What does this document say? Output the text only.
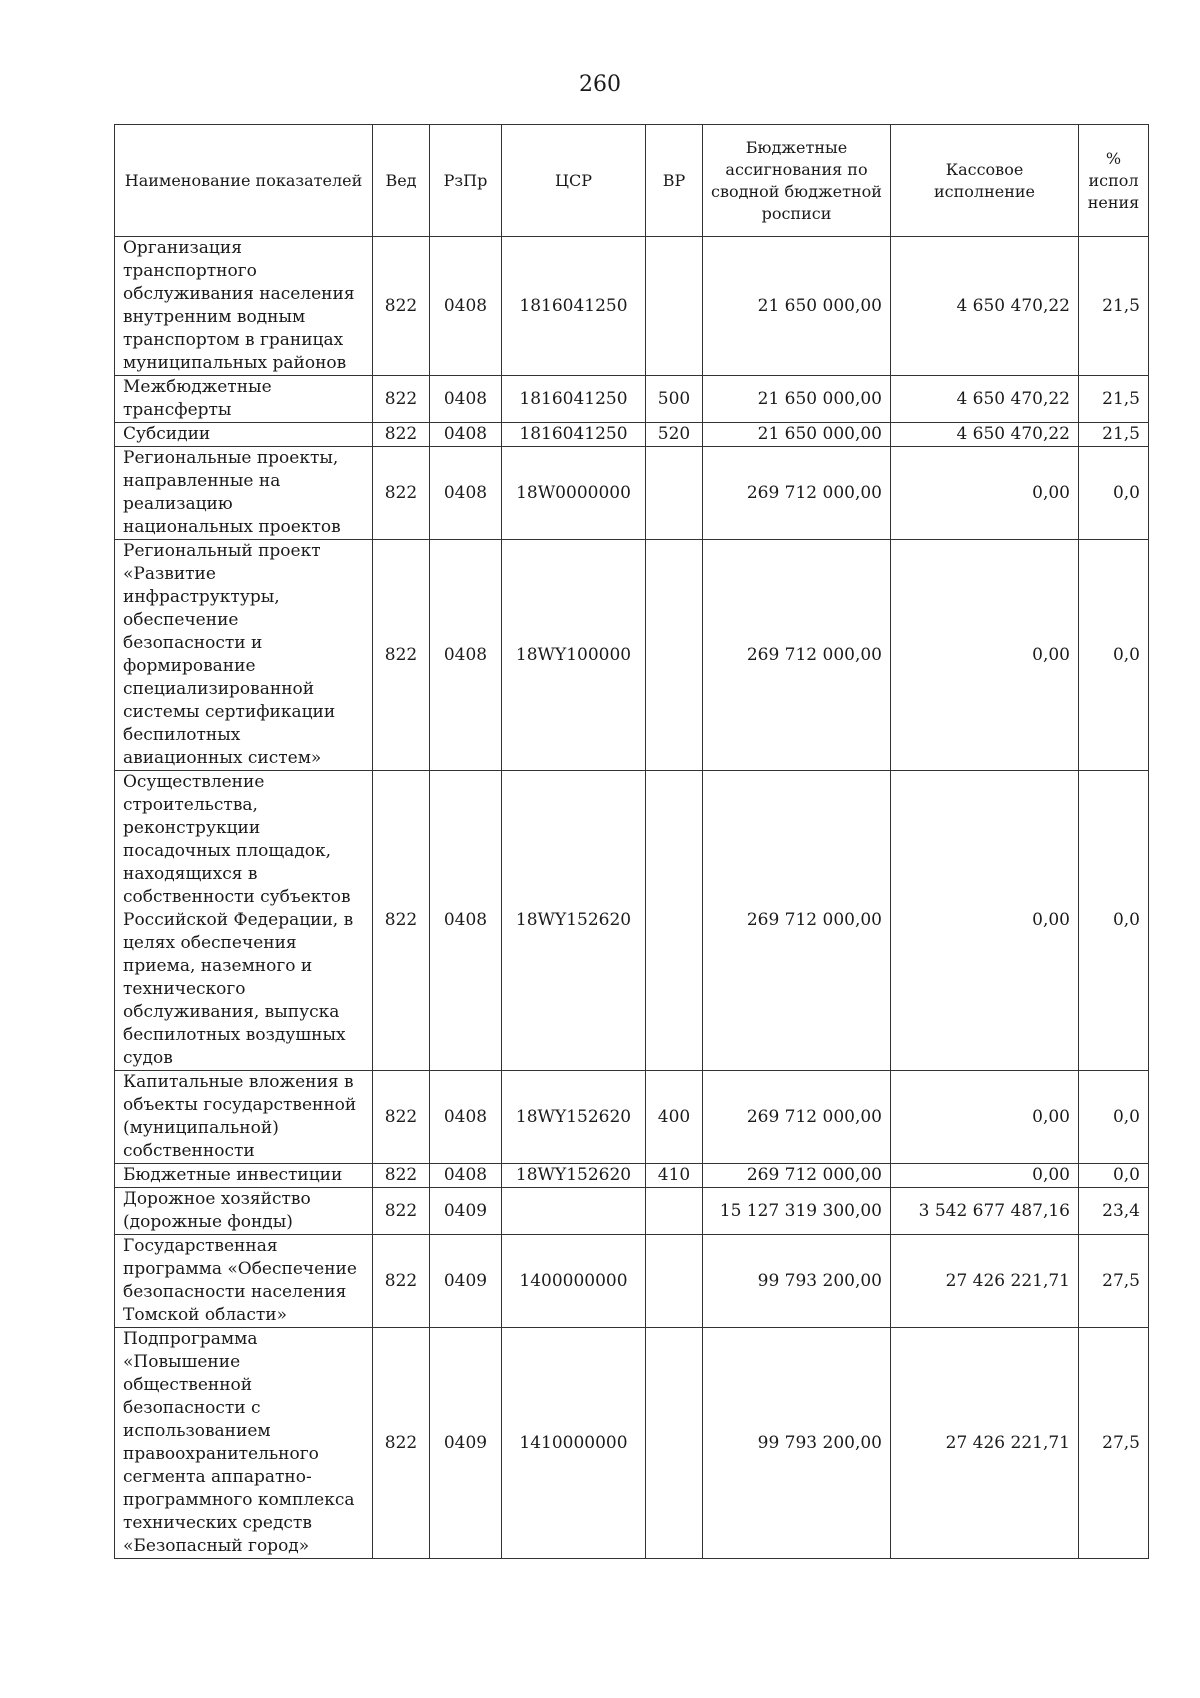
260
Наименование показателей	Вед	РзПр	ЦСР	ВР	Бюджетные ассигнования по сводной бюджетной росписи	Кассовое исполнение	% испол нения
Организация транспортного обслуживания населения внутренним водным транспортом в границах муниципальных районов	822	0408	1816041250		21 650 000,00	4 650 470,22	21,5
Межбюджетные трансферты	822	0408	1816041250	500	21 650 000,00	4 650 470,22	21,5
Субсидии	822	0408	1816041250	520	21 650 000,00	4 650 470,22	21,5
Региональные проекты, направленные на реализацию национальных проектов	822	0408	18W0000000		269 712 000,00	0,00	0,0
Региональный проект «Развитие инфраструктуры, обеспечение безопасности и формирование специализированной системы сертификации беспилотных авиационных систем»	822	0408	18WY100000		269 712 000,00	0,00	0,0
Осуществление строительства, реконструкции посадочных площадок, находящихся в собственности субъектов Российской Федерации, в целях обеспечения приема, наземного и технического обслуживания, выпуска беспилотных воздушных судов	822	0408	18WY152620		269 712 000,00	0,00	0,0
Капитальные вложения в объекты государственной (муниципальной) собственности	822	0408	18WY152620	400	269 712 000,00	0,00	0,0
Бюджетные инвестиции	822	0408	18WY152620	410	269 712 000,00	0,00	0,0
Дорожное хозяйство (дорожные фонды)	822	0409			15 127 319 300,00	3 542 677 487,16	23,4
Государственная программа «Обеспечение безопасности населения Томской области»	822	0409	1400000000		99 793 200,00	27 426 221,71	27,5
Подпрограмма «Повышение общественной безопасности с использованием правоохранительного сегмента аппаратно-программного комплекса технических средств «Безопасный город»	822	0409	1410000000		99 793 200,00	27 426 221,71	27,5
